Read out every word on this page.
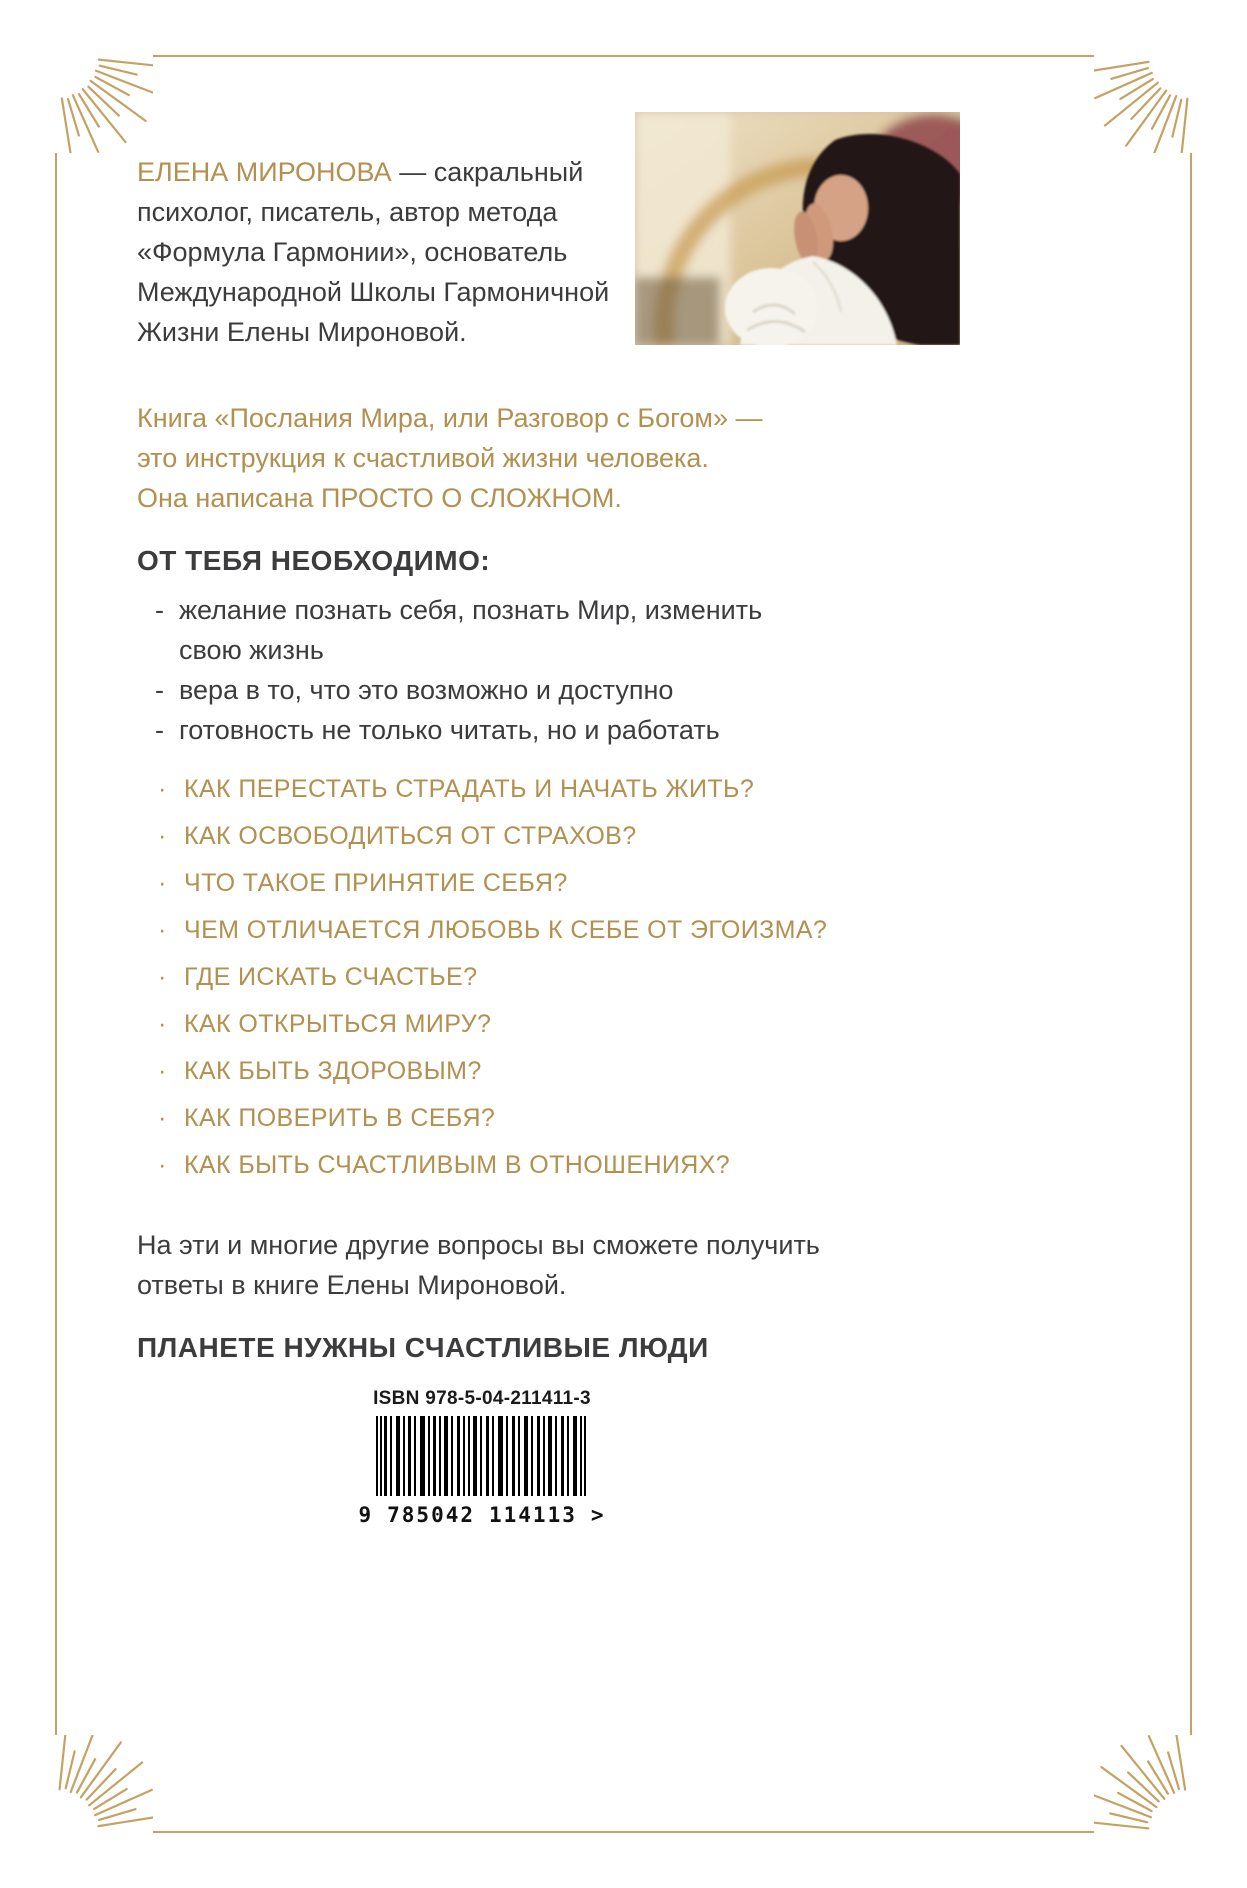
ЕЛЕНА МИРОНОВА — сакральный психолог, писатель, автор метода «Формула Гармонии», основатель Международной Школы Гармоничной Жизни Елены Мироновой.
Книга «Послания Мира, или Разговор с Богом» —
это инструкция к счастливой жизни человека.
Она написана ПРОСТО О СЛОЖНОМ.
ОТ ТЕБЯ НЕОБХОДИМО:
- желание познать себя, познать Мир, изменить свою жизнь
- вера в то, что это возможно и доступно
- готовность не только читать, но и работать
· КАК ПЕРЕСТАТЬ СТРАДАТЬ И НАЧАТЬ ЖИТЬ?
· КАК ОСВОБОДИТЬСЯ ОТ СТРАХОВ?
· ЧТО ТАКОЕ ПРИНЯТИЕ СЕБЯ?
· ЧЕМ ОТЛИЧАЕТСЯ ЛЮБОВЬ К СЕБЕ ОТ ЭГОИЗМА?
· ГДЕ ИСКАТЬ СЧАСТЬЕ?
· КАК ОТКРЫТЬСЯ МИРУ?
· КАК БЫТЬ ЗДОРОВЫМ?
· КАК ПОВЕРИТЬ В СЕБЯ?
· КАК БЫТЬ СЧАСТЛИВЫМ В ОТНОШЕНИЯХ?
На эти и многие другие вопросы вы сможете получить ответы в книге Елены Мироновой.
ПЛАНЕТЕ НУЖНЫ СЧАСТЛИВЫЕ ЛЮДИ
ISBN 978-5-04-211411-3
9 785042 114113 >
